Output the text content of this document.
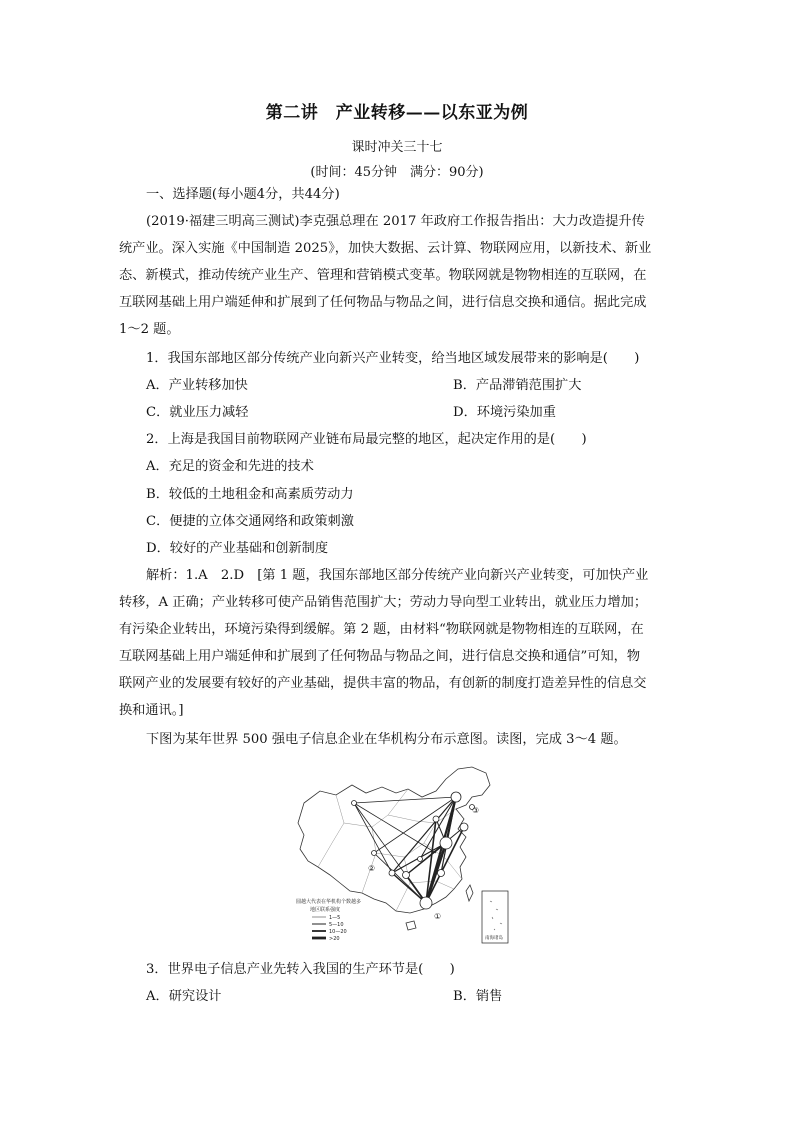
第二讲　产业转移——以东亚为例
课时冲关三十七
(时间：45分钟　满分：90分)
一、选择题(每小题4分，共44分)
(2019·福建三明高三测试)李克强总理在 2017 年政府工作报告指出：大力改造提升传
统产业。深入实施《中国制造 2025》，加快大数据、云计算、物联网应用，以新技术、新业
态、新模式，推动传统产业生产、管理和营销模式变革。物联网就是物物相连的互联网，在
互联网基础上用户端延伸和扩展到了任何物品与物品之间，进行信息交换和通信。据此完成
1～2 题。
1．我国东部地区部分传统产业向新兴产业转变，给当地区域发展带来的影响是(　　)
A．产业转移加快	B．产品滞销范围扩大
C．就业压力减轻	D．环境污染加重
2．上海是我国目前物联网产业链布局最完整的地区，起决定作用的是(　　)
A．充足的资金和先进的技术
B．较低的土地租金和高素质劳动力
C．便捷的立体交通网络和政策刺激
D．较好的产业基础和创新制度
解析：1.A　2.D　[第 1 题，我国东部地区部分传统产业向新兴产业转变，可加快产业
转移，A 正确；产业转移可使产品销售范围扩大；劳动力导向型工业转出，就业压力增加；
有污染企业转出，环境污染得到缓解。第 2 题，由材料“物联网就是物物相连的互联网，在
互联网基础上用户端延伸和扩展到了任何物品与物品之间，进行信息交换和通信”可知，物
联网产业的发展要有较好的产业基础，提供丰富的物品，有创新的制度打造差异性的信息交
换和通讯。]
下图为某年世界 500 强电子信息企业在华机构分布示意图。读图，完成 3～4 题。
①
②
③
圆越大代表在华机构个数越多
地区联系强度
1—5
5—10
10—20
>20	南海诸岛
3．世界电子信息产业先转入我国的生产环节是(　　)
A．研究设计	B．销售
